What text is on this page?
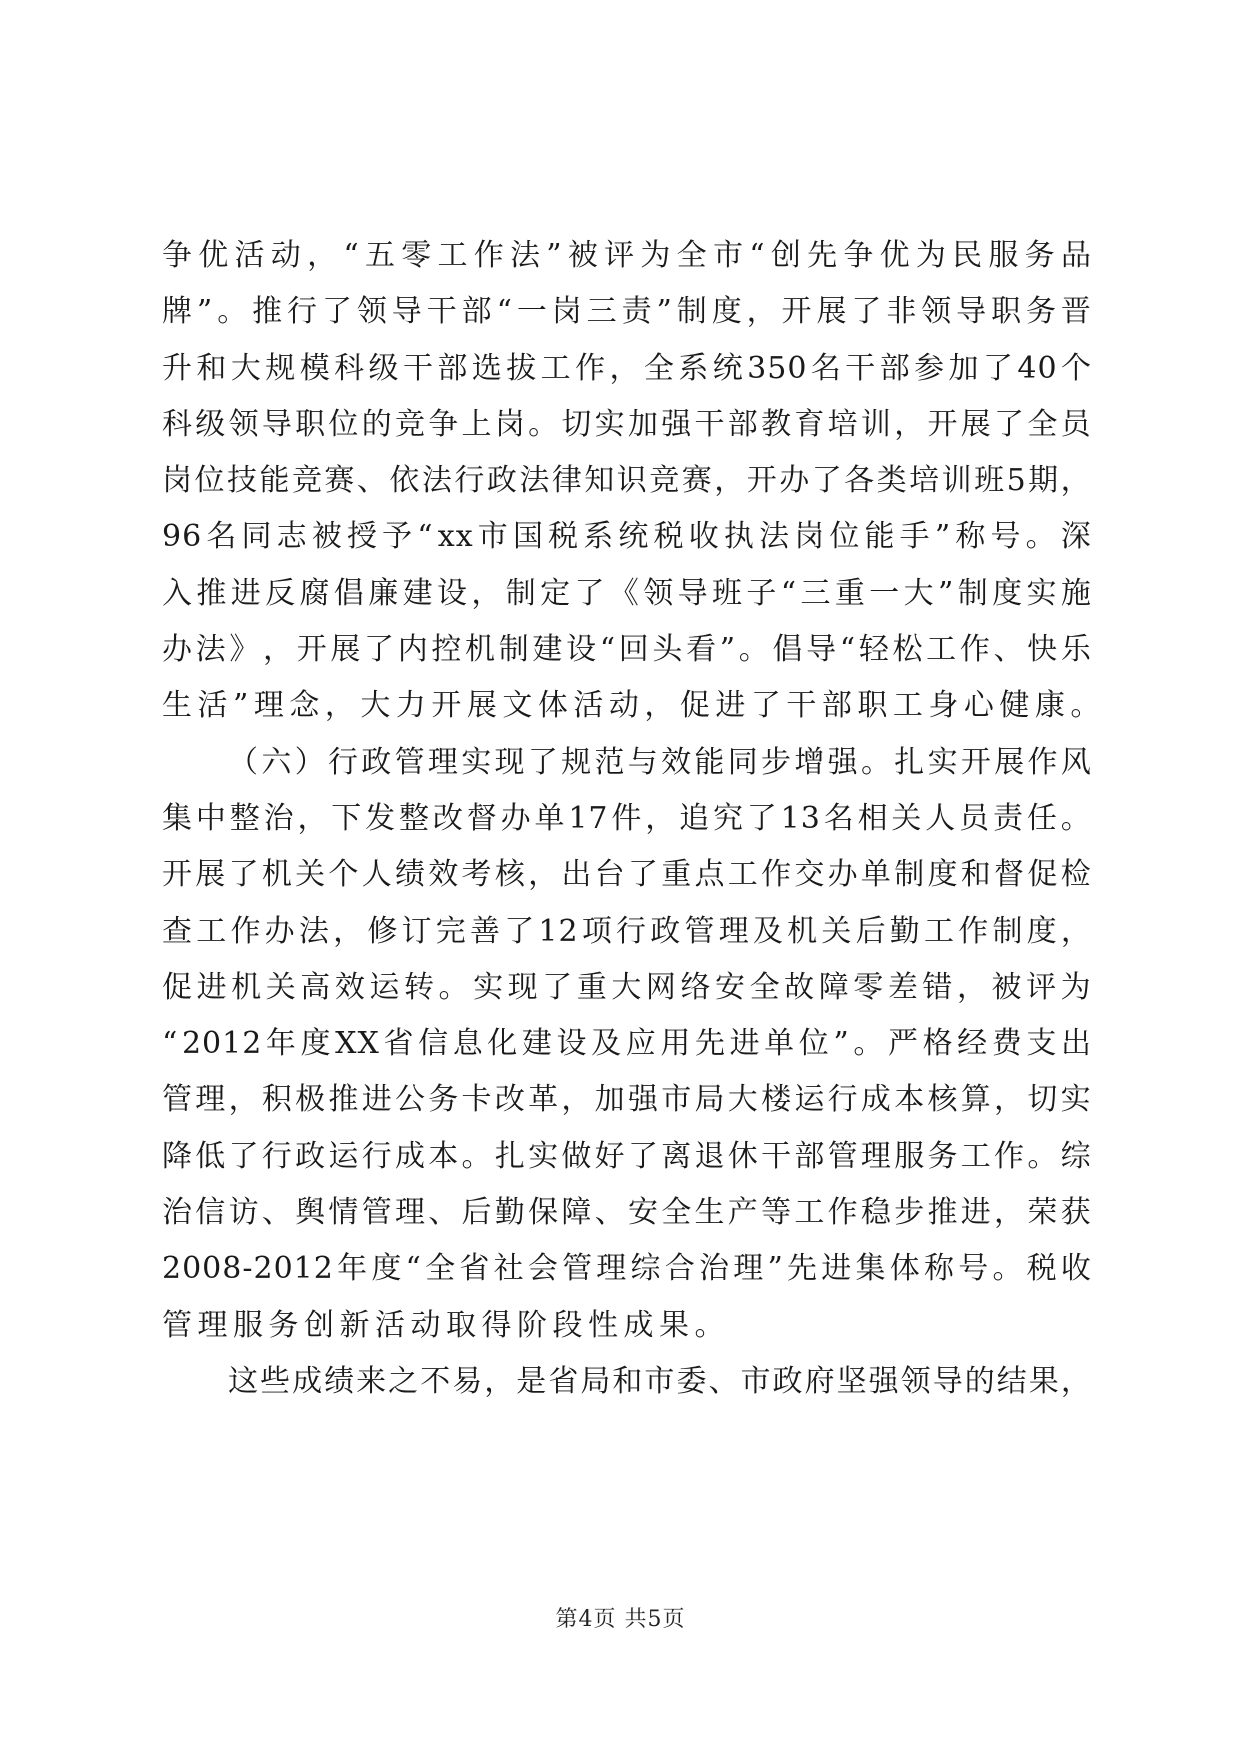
争 优 活 动 ， “ 五 零 工 作 法 ” 被 评 为 全 市 “ 创 先 争 优 为 民 服 务 品
牌 ” 。 推 行 了 领 导 干 部 “ 一 岗 三 责 ” 制 度 ， 开 展 了 非 领 导 职 务 晋
升 和 大 规 模 科 级 干 部 选 拔 工 作 ， 全 系 统 350 名 干 部 参 加 了 40 个
科 级 领 导 职 位 的 竞 争 上 岗 。 切 实 加 强 干 部 教 育 培 训 ， 开 展 了 全 员
岗 位 技 能 竞 赛 、 依 法 行 政 法 律 知 识 竞 赛 ， 开 办 了 各 类 培 训 班 5 期 ，
96 名 同 志 被 授 予 “ xx 市 国 税 系 统 税 收 执 法 岗 位 能 手 ” 称 号 。 深
入 推 进 反 腐 倡 廉 建 设 ， 制 定 了 《 领 导 班 子 “ 三 重 一 大 ” 制 度 实 施
办 法 》 ， 开 展 了 内 控 机 制 建 设 “ 回 头 看 ” 。 倡 导 “ 轻 松 工 作 、 快 乐
生活”理念，大力开展文体活动，促进了干部职工身心健康。
（ 六 ） 行 政 管 理 实 现 了 规 范 与 效 能 同 步 增 强 。 扎 实 开 展 作 风
集 中 整 治 ， 下 发 整 改 督 办 单 17 件 ， 追 究 了 13 名 相 关 人 员 责 任 。
开 展 了 机 关 个 人 绩 效 考 核 ， 出 台 了 重 点 工 作 交 办 单 制 度 和 督 促 检
查 工 作 办 法 ， 修 订 完 善 了 12 项 行 政 管 理 及 机 关 后 勤 工 作 制 度 ，
促 进 机 关 高 效 运 转 。 实 现 了 重 大 网 络 安 全 故 障 零 差 错 ， 被 评 为
“ 2012 年 度 XX 省 信 息 化 建 设 及 应 用 先 进 单 位 ” 。 严 格 经 费 支 出
管 理 ， 积 极 推 进 公 务 卡 改 革 ， 加 强 市 局 大 楼 运 行 成 本 核 算 ， 切 实
降 低 了 行 政 运 行 成 本 。 扎 实 做 好 了 离 退 休 干 部 管 理 服 务 工 作 。 综
治 信 访 、 舆 情 管 理 、 后 勤 保 障 、 安 全 生 产 等 工 作 稳 步 推 进 ， 荣 获
2008-2012 年 度 “ 全 省 社 会 管 理 综 合 治 理 ” 先 进 集 体 称 号 。 税 收
管理服务创新活动取得阶段性成果。
这 些 成 绩 来 之 不 易 ， 是 省 局 和 市 委 、 市 政 府 坚 强 领 导 的 结 果 ，
第4页 共5页
